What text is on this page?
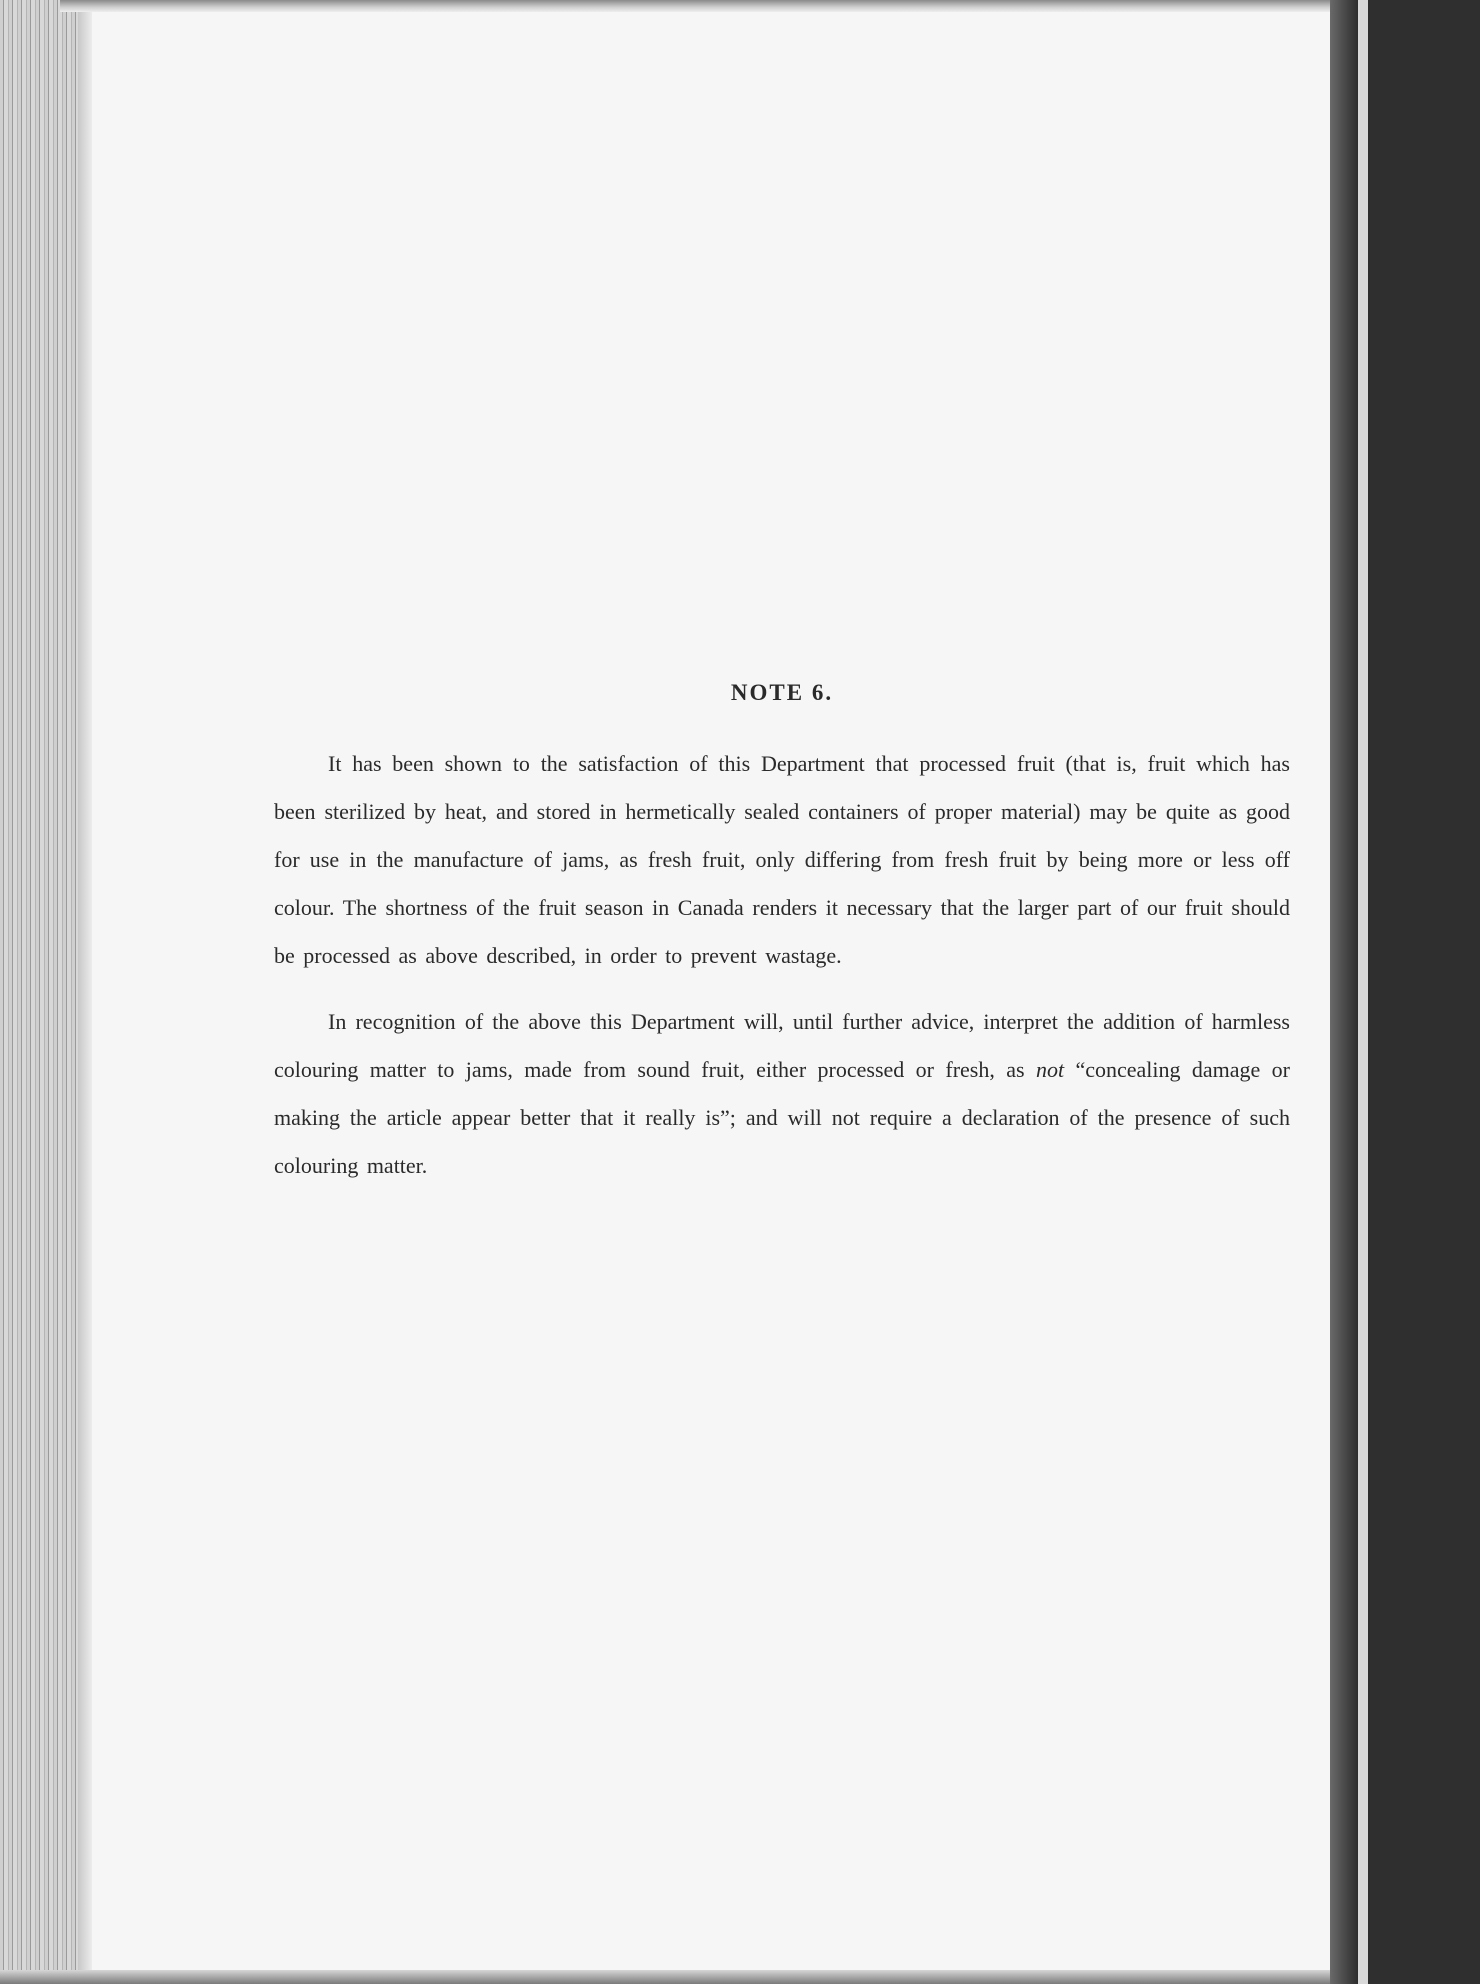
NOTE 6.

It has been shown to the satisfaction of this Department that processed fruit (that is, fruit which has been sterilized by heat, and stored in hermetically sealed containers of proper material) may be quite as good for use in the manufacture of jams, as fresh fruit, only differing from fresh fruit by being more or less off colour. The shortness of the fruit season in Canada renders it necessary that the larger part of our fruit should be processed as above described, in order to prevent wastage.

In recognition of the above this Department will, until further advice, interpret the addition of harmless colouring matter to jams, made from sound fruit, either processed or fresh, as not “concealing damage or making the article appear better that it really is”; and will not require a declaration of the presence of such colouring matter.
